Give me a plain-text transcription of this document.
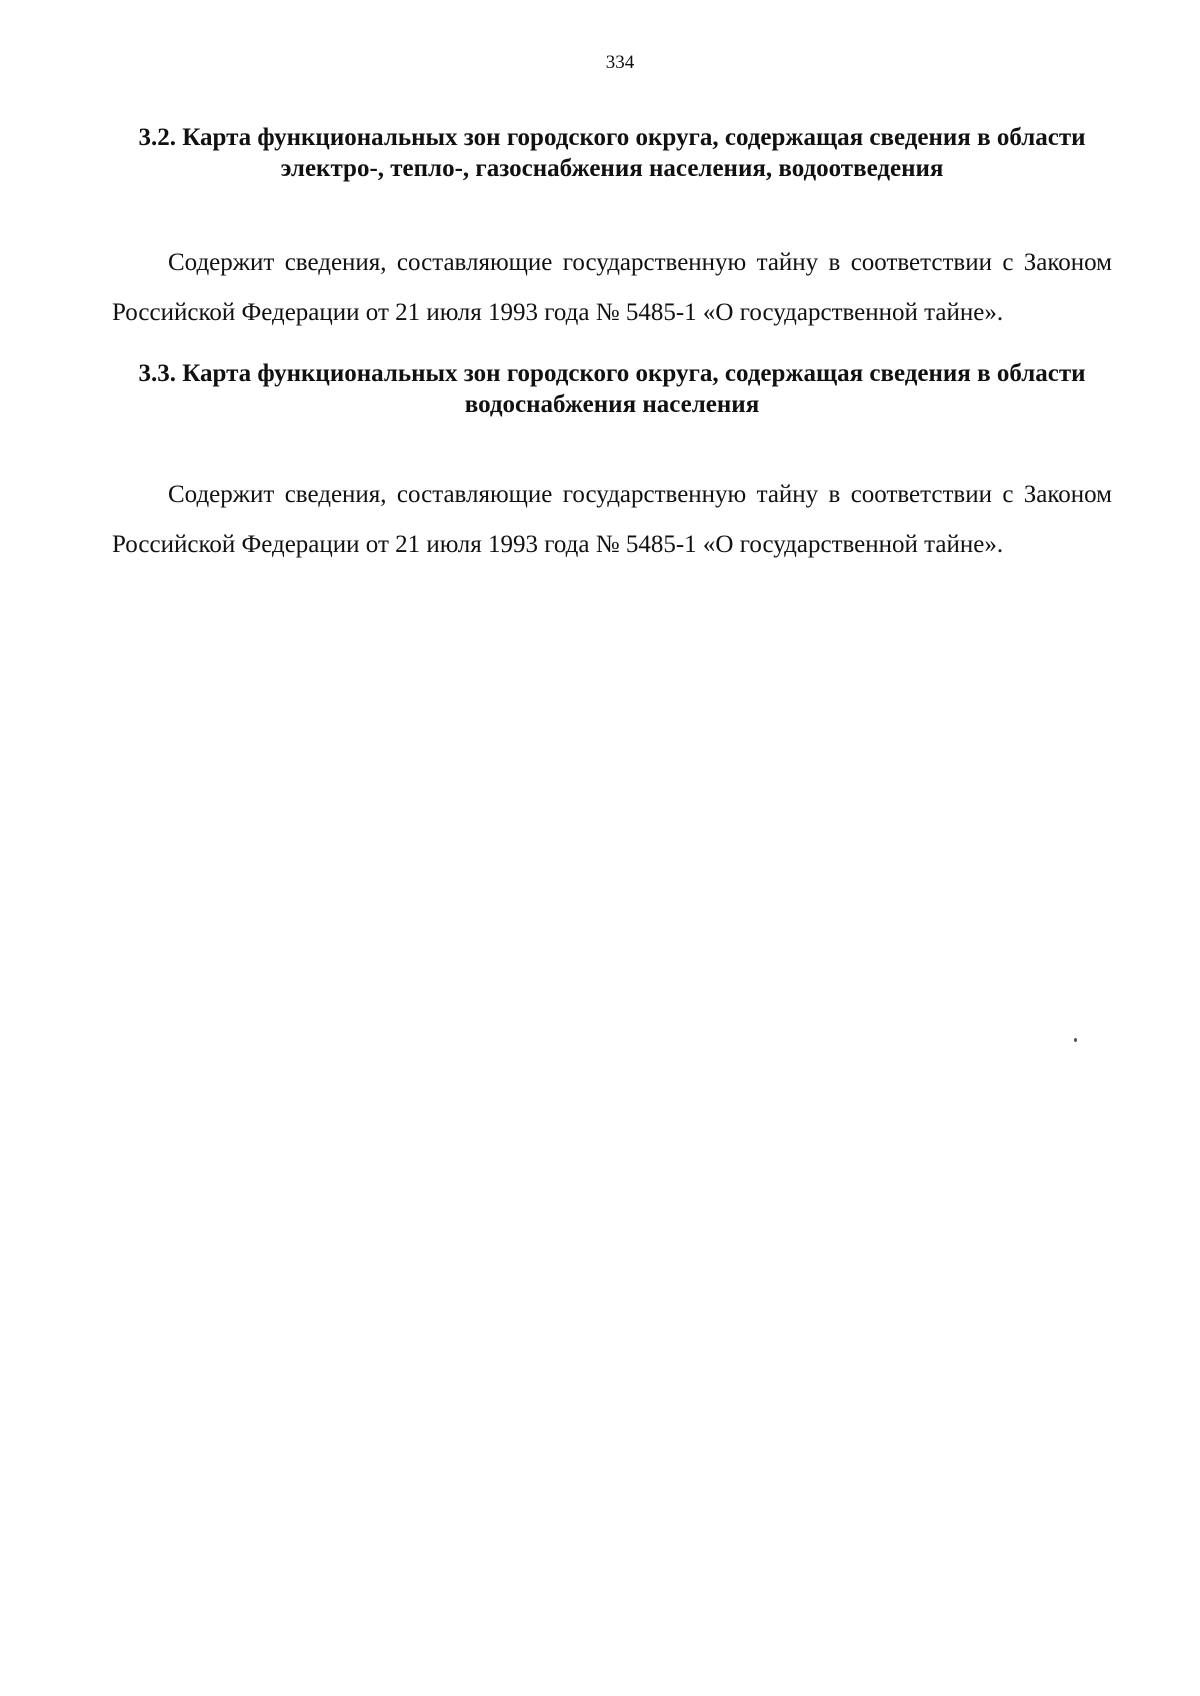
334
3.2. Карта функциональных зон городского округа, содержащая сведения в области электро-, тепло-, газоснабжения населения, водоотведения

Содержит сведения, составляющие государственную тайну в соответствии с Законом Российской Федерации от 21 июля 1993 года № 5485-1 «О государственной тайне».

3.3. Карта функциональных зон городского округа, содержащая сведения в области водоснабжения населения

Содержит сведения, составляющие государственную тайну в соответствии с Законом Российской Федерации от 21 июля 1993 года № 5485-1 «О государственной тайне».
